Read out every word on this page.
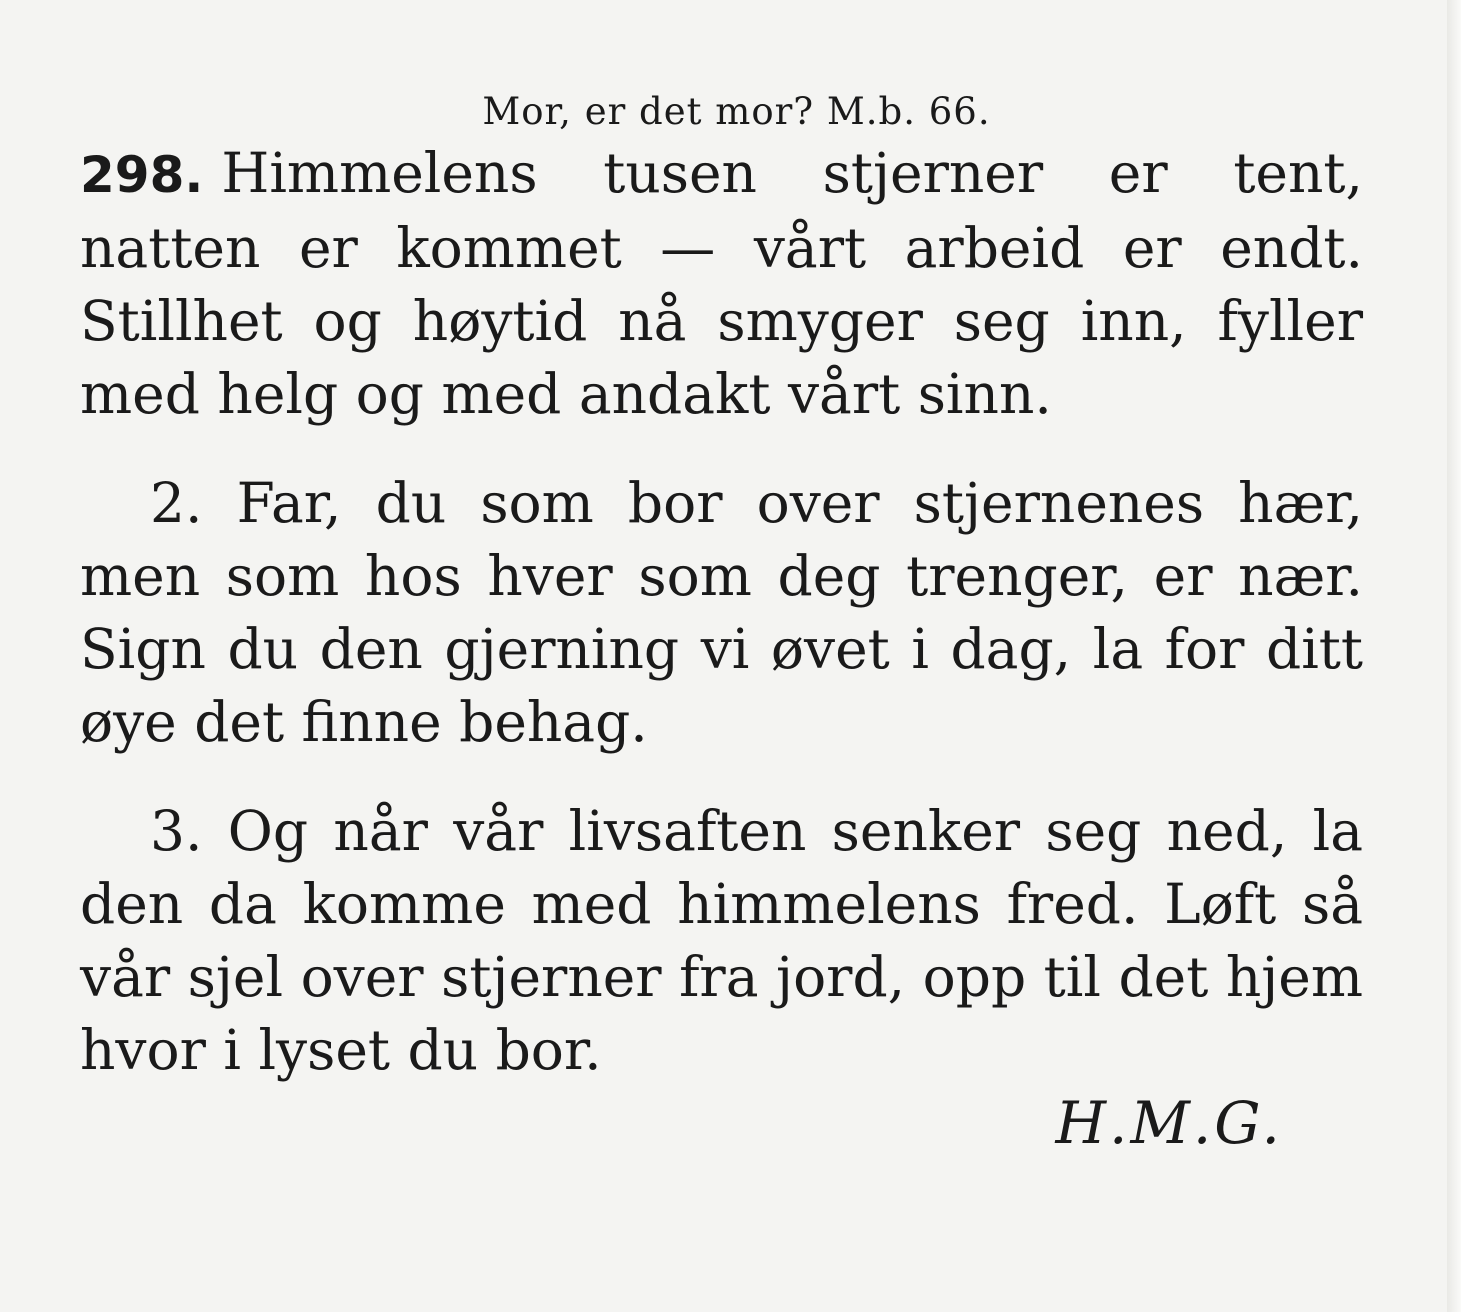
Mor, er det mor? M.b. 66.

298. Himmelens tusen stjerner er tent, natten er kommet — vårt arbeid er endt. Stillhet og høytid nå smyger seg inn, fyller med helg og med andakt vårt sinn.

2. Far, du som bor over stjernenes hær, men som hos hver som deg trenger, er nær. Sign du den gjerning vi øvet i dag, la for ditt øye det finne behag.

3. Og når vår livsaften senker seg ned, la den da komme med himmelens fred. Løft så vår sjel over stjerner fra jord, opp til det hjem hvor i lyset du bor.

H.M.G.
